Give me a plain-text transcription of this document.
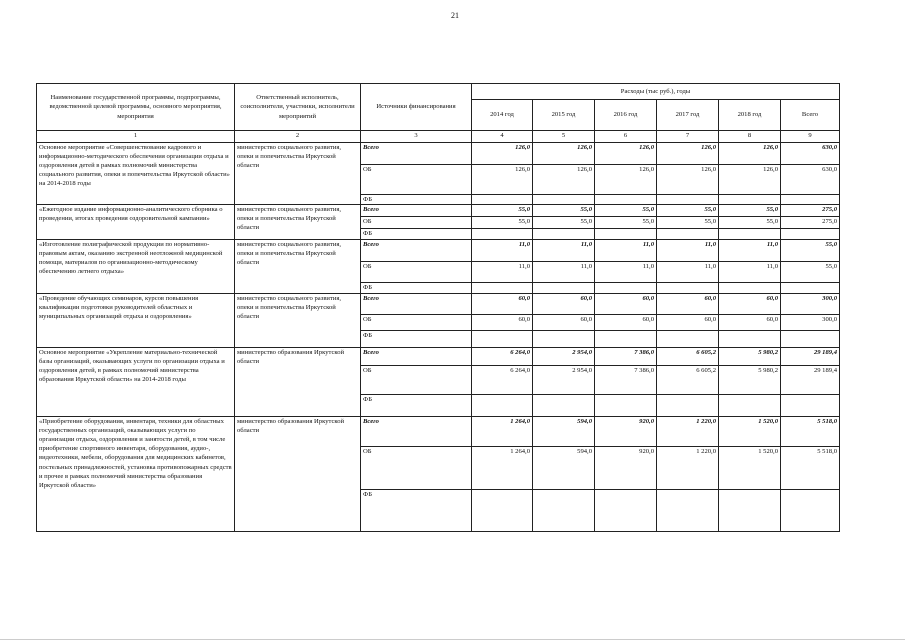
21
Наименование государственной программы, подпрограммы, ведомственной целевой программы, основного мероприятия, мероприятия	Ответственный исполнитель, соисполнители, участники, исполнители мероприятий	Источники финансирования	Расходы (тыс руб.), годы					
			2014 год	2015 год	2016 год	2017 год	2018 год	Всего
1	2	3	4	5	6	7	8	9
Основное мероприятие «Совершенствование кадрового и информационно-методического обеспечения организации отдыха и оздоровления детей в рамках полномочий министерства социального развития, опеки и попечительства Иркутской области» на 2014-2018 годы	министерство социального развития, опеки и попечительства Иркутской области	Всего	126,0	126,0	126,0	126,0	126,0	630,0
		ОБ	126,0	126,0	126,0	126,0	126,0	630,0
		ФБ						
«Ежегодное издание информационно-аналитического сборника о проведении, итогах проведения оздоровительной кампании»	министерство социального развития, опеки и попечительства Иркутской области	Всего	55,0	55,0	55,0	55,0	55,0	275,0
		ОБ	55,0	55,0	55,0	55,0	55,0	275,0
		ФБ						
«Изготовление полиграфической продукции по нормативно-правовым актам, оказанию экстренной неотложной медицинской помощи, материалов по организационно-методическому обеспечению летнего отдыха»	министерство социального развития, опеки и попечительства Иркутской области	Всего	11,0	11,0	11,0	11,0	11,0	55,0
		ОБ	11,0	11,0	11,0	11,0	11,0	55,0
		ФБ						
«Проведение обучающих семинаров, курсов повышения квалификации подготовки руководителей областных и муниципальных организаций отдыха и оздоровления»	министерство социального развития, опеки и попечительства Иркутской области	Всего	60,0	60,0	60,0	60,0	60,0	300,0
		ОБ	60,0	60,0	60,0	60,0	60,0	300,0
		ФБ						
Основное мероприятие «Укрепление материально-технической базы организаций, оказывающих услуги по организации отдыха и оздоровления детей, в рамках полномочий министерства образования Иркутской области» на 2014-2018 годы	министерство образования Иркутской области	Всего	6 264,0	2 954,0	7 386,0	6 605,2	5 980,2	29 189,4
		ОБ	6 264,0	2 954,0	7 386,0	6 605,2	5 980,2	29 189,4
		ФБ						
«Приобретение оборудования, инвентаря, техники для областных государственных организаций, оказывающих услуги по организации отдыха, оздоровления и занятости детей, в том числе приобретение спортивного инвентаря, оборудования, аудио-, видеотехники, мебели, оборудования для медицинских кабинетов, постельных принадлежностей, установка противопожарных средств и прочее в рамках полномочий министерства образования Иркутской области»	министерство образования Иркутской области	Всего	1 264,0	594,0	920,0	1 220,0	1 520,0	5 518,0
		ОБ	1 264,0	594,0	920,0	1 220,0	1 520,0	5 518,0
		ФБ						
